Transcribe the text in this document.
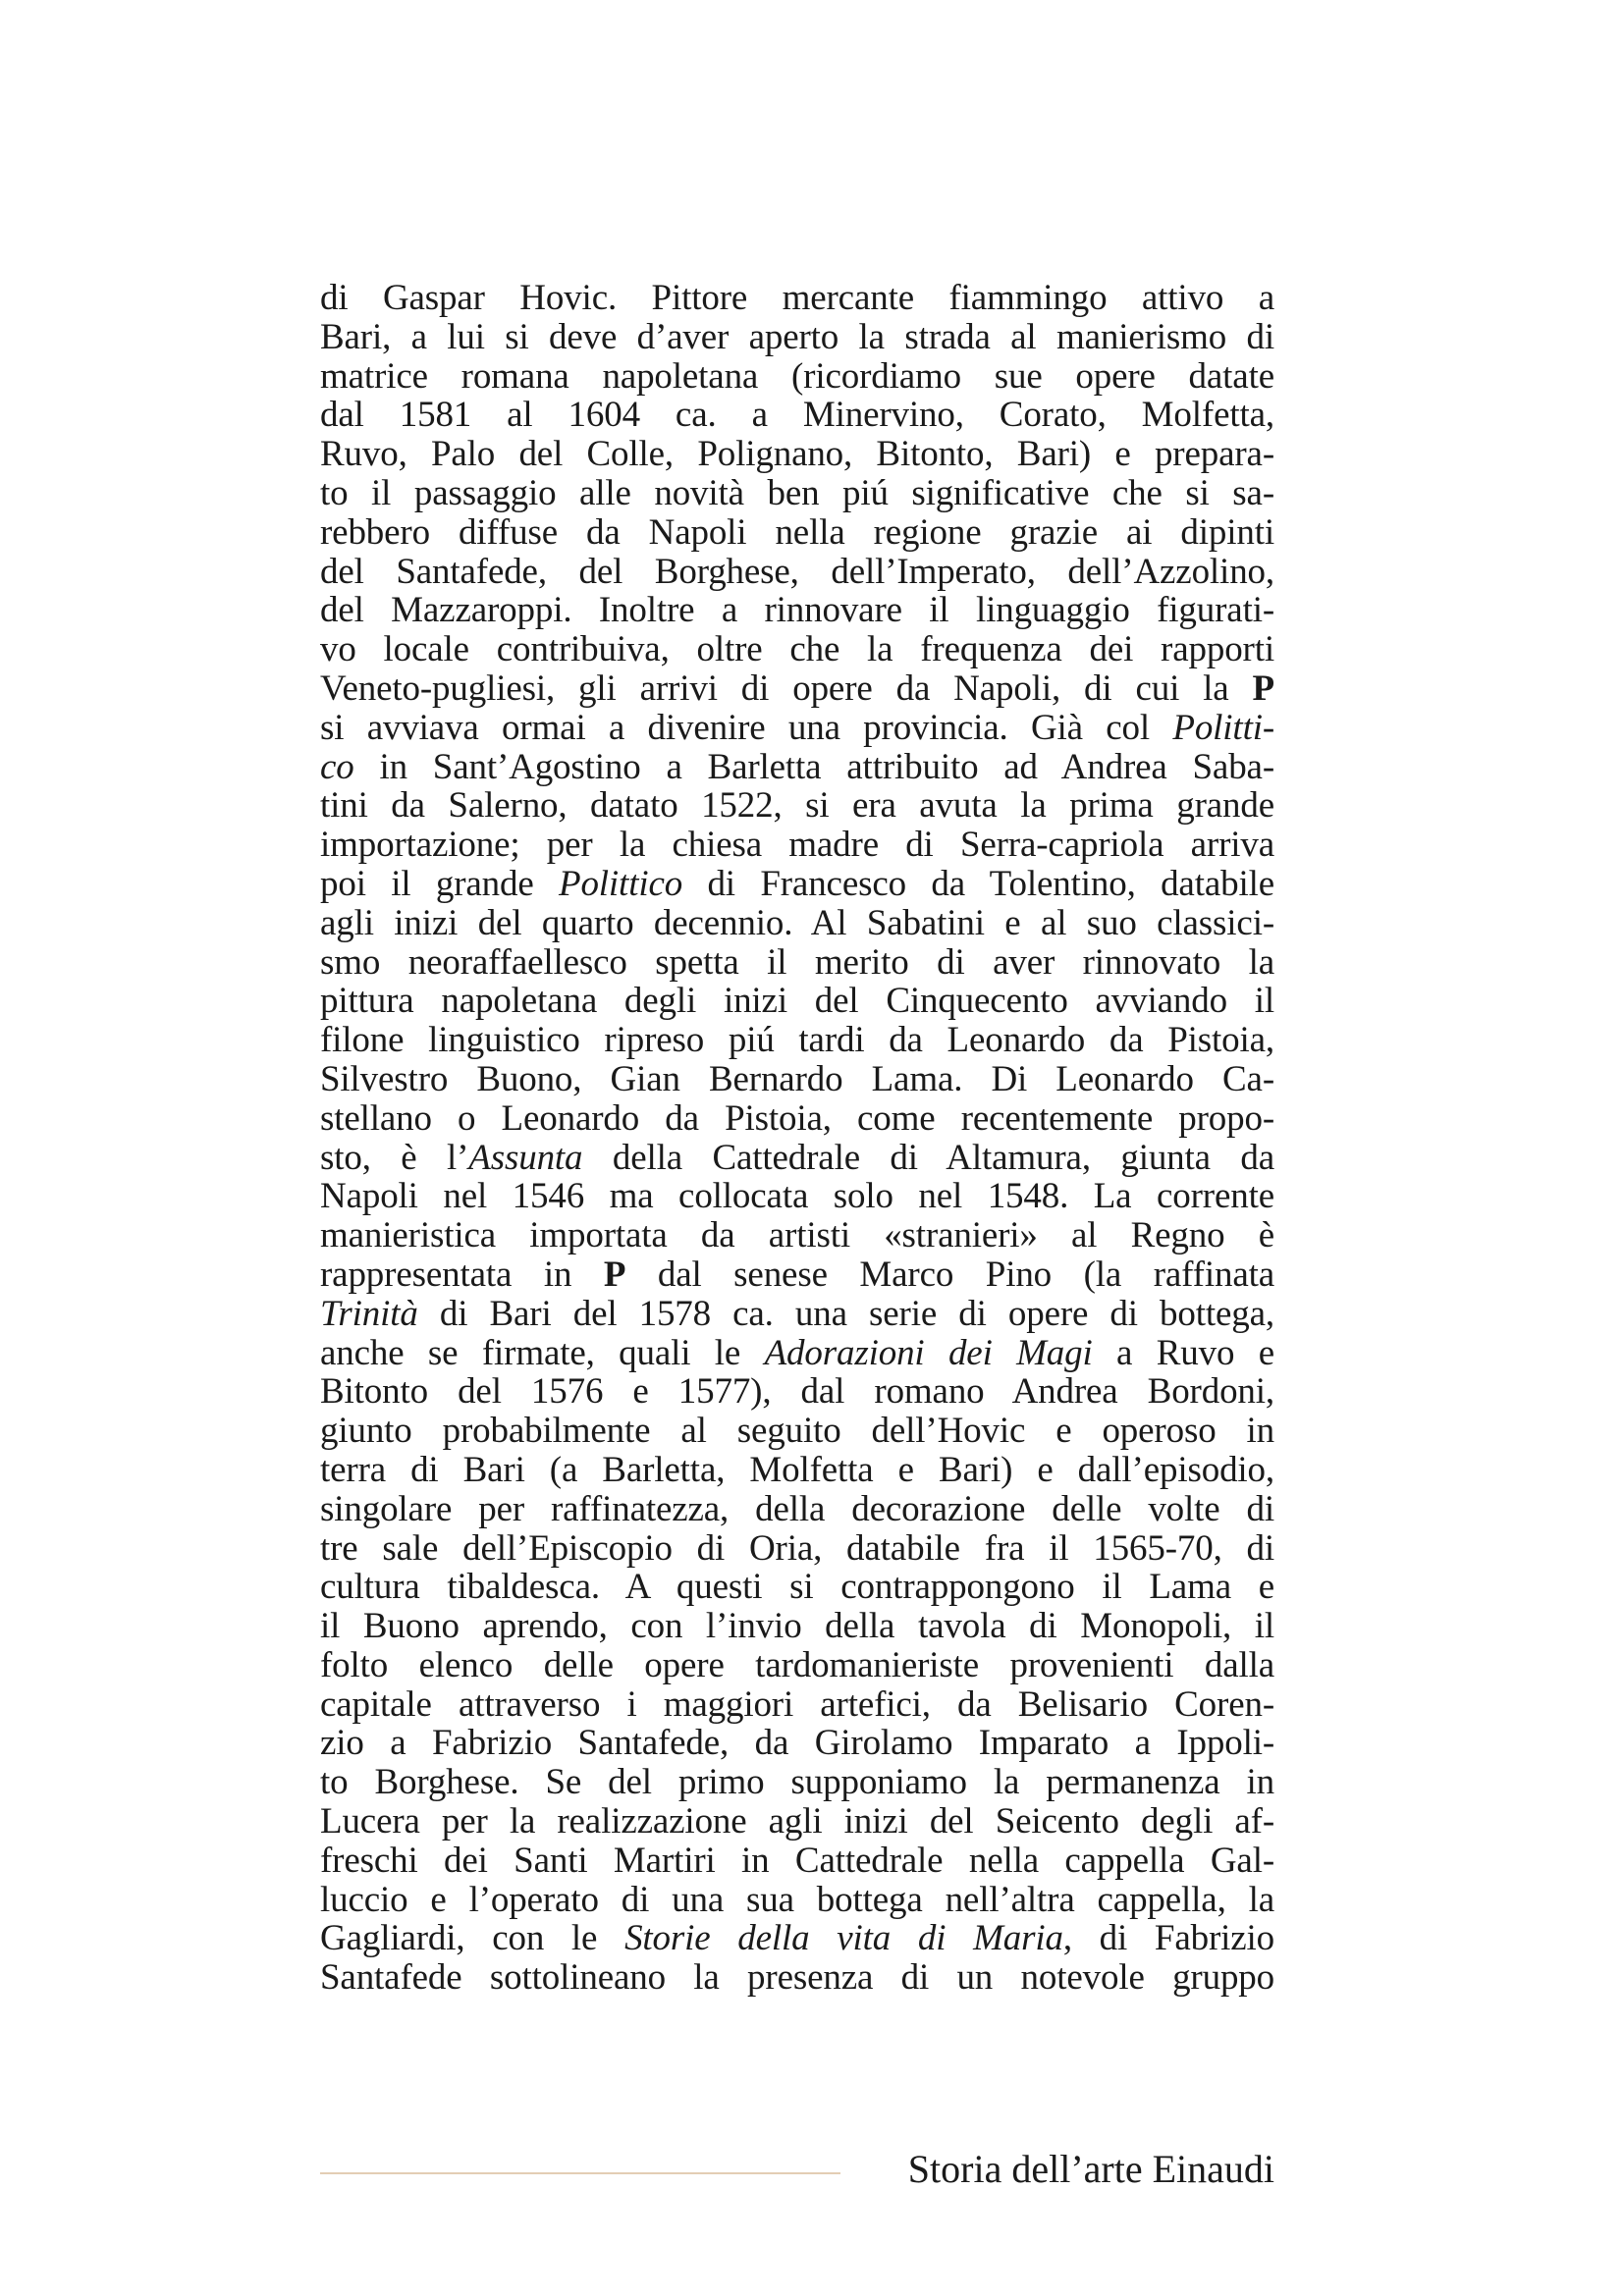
di Gaspar Hovic. Pittore mercante fiammingo attivo a
Bari, a lui si deve d’aver aperto la strada al manierismo di
matrice romana napoletana (ricordiamo sue opere datate
dal 1581 al 1604 ca. a Minervino, Corato, Molfetta,
Ruvo, Palo del Colle, Polignano, Bitonto, Bari) e prepara-
to il passaggio alle novità ben piú significative che si sa-
rebbero diffuse da Napoli nella regione grazie ai dipinti
del Santafede, del Borghese, dell’Imperato, dell’Azzolino,
del Mazzaroppi. Inoltre a rinnovare il linguaggio figurati-
vo locale contribuiva, oltre che la frequenza dei rapporti
Veneto-pugliesi, gli arrivi di opere da Napoli, di cui la P
si avviava ormai a divenire una provincia. Già col Politti-
co in Sant’Agostino a Barletta attribuito ad Andrea Saba-
tini da Salerno, datato 1522, si era avuta la prima grande
importazione; per la chiesa madre di Serra-capriola arriva
poi il grande Polittico di Francesco da Tolentino, databile
agli inizi del quarto decennio. Al Sabatini e al suo classici-
smo neoraffaellesco spetta il merito di aver rinnovato la
pittura napoletana degli inizi del Cinquecento avviando il
filone linguistico ripreso piú tardi da Leonardo da Pistoia,
Silvestro Buono, Gian Bernardo Lama. Di Leonardo Ca-
stellano o Leonardo da Pistoia, come recentemente propo-
sto, è l’Assunta della Cattedrale di Altamura, giunta da
Napoli nel 1546 ma collocata solo nel 1548. La corrente
manieristica importata da artisti «stranieri» al Regno è
rappresentata in P dal senese Marco Pino (la raffinata
Trinità di Bari del 1578 ca. una serie di opere di bottega,
anche se firmate, quali le Adorazioni dei Magi a Ruvo e
Bitonto del 1576 e 1577), dal romano Andrea Bordoni,
giunto probabilmente al seguito dell’Hovic e operoso in
terra di Bari (a Barletta, Molfetta e Bari) e dall’episodio,
singolare per raffinatezza, della decorazione delle volte di
tre sale dell’Episcopio di Oria, databile fra il 1565-70, di
cultura tibaldesca. A questi si contrappongono il Lama e
il Buono aprendo, con l’invio della tavola di Monopoli, il
folto elenco delle opere tardomanieriste provenienti dalla
capitale attraverso i maggiori artefici, da Belisario Coren-
zio a Fabrizio Santafede, da Girolamo Imparato a Ippoli-
to Borghese. Se del primo supponiamo la permanenza in
Lucera per la realizzazione agli inizi del Seicento degli af-
freschi dei Santi Martiri in Cattedrale nella cappella Gal-
luccio e l’operato di una sua bottega nell’altra cappella, la
Gagliardi, con le Storie della vita di Maria, di Fabrizio
Santafede sottolineano la presenza di un notevole gruppo
Storia dell’arte Einaudi
